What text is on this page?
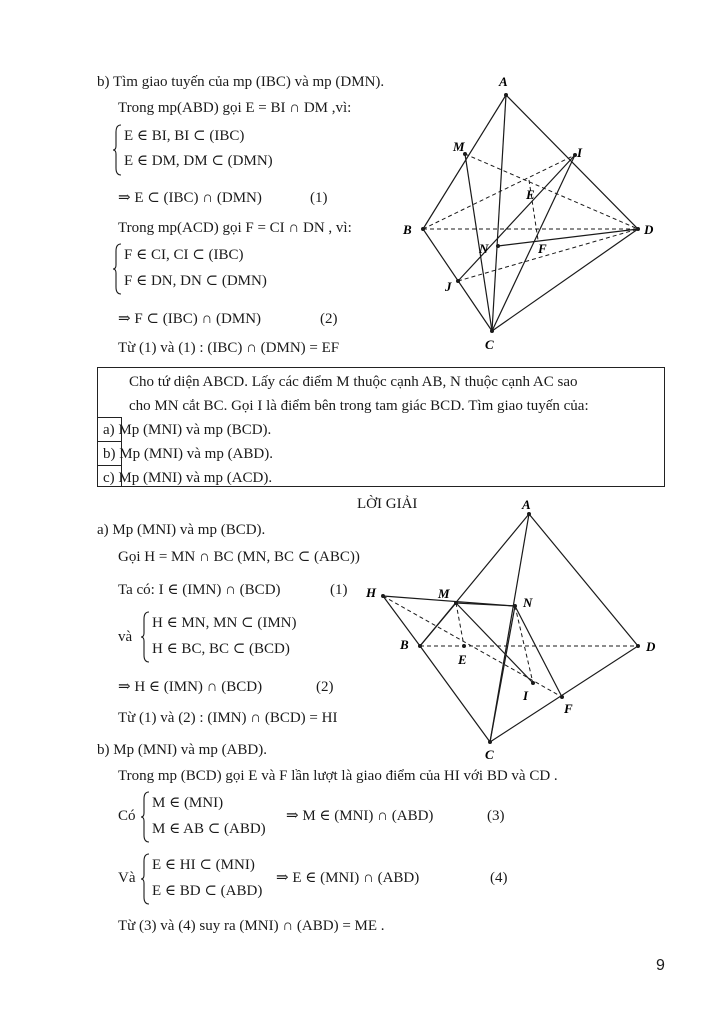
b) Tìm giao tuyến của mp (IBC) và mp (DMN).
Trong mp(ABD) gọi E = BI ∩ DM ,vì:
E ∈ BI, BI ⊂ (IBC)
E ∈ DM, DM ⊂ (DMN)
⇒ E ⊂ (IBC) ∩ (DMN)	(1)
Trong mp(ACD) gọi F = CI ∩ DN , vì:
F ∈ CI, CI ⊂ (IBC)
F ∈ DN, DN ⊂ (DMN)
⇒ F ⊂ (IBC) ∩ (DMN)	(2)
Từ (1) và (1) : (IBC) ∩ (DMN) = EF
A
M	I
E
B
N	F
D
J
C
Cho tứ diện ABCD. Lấy các điểm M thuộc cạnh AB, N thuộc cạnh AC sao
cho MN cắt BC. Gọi I là điểm bên trong tam giác BCD. Tìm giao tuyến của:
a) Mp (MNI) và mp (BCD).
b) Mp (MNI) và mp (ABD).
c) Mp (MNI) và mp (ACD).
LỜI GIẢI
a) Mp (MNI) và mp (BCD).
Gọi H = MN ∩ BC (MN, BC ⊂ (ABC))
Ta có: I ∈ (IMN) ∩ (BCD)	(1)
và
H ∈ MN, MN ⊂ (IMN)
H ∈ BC, BC ⊂ (BCD)
⇒ H ∈ (IMN) ∩ (BCD)	(2)
Từ (1) và (2) : (IMN) ∩ (BCD) = HI
A
H	M
N
B
E
D
I
F
C
b) Mp (MNI) và mp (ABD).
Trong mp (BCD) gọi E và F lần lượt là giao điểm của HI với BD và CD .
Có
M ∈ (MNI)
M ∈ AB ⊂ (ABD)
⇒ M ∈ (MNI) ∩ (ABD)	(3)
Và
E ∈ HI ⊂ (MNI)
E ∈ BD ⊂ (ABD)
⇒ E ∈ (MNI) ∩ (ABD)	(4)
Từ (3) và (4) suy ra (MNI) ∩ (ABD) = ME .
9
